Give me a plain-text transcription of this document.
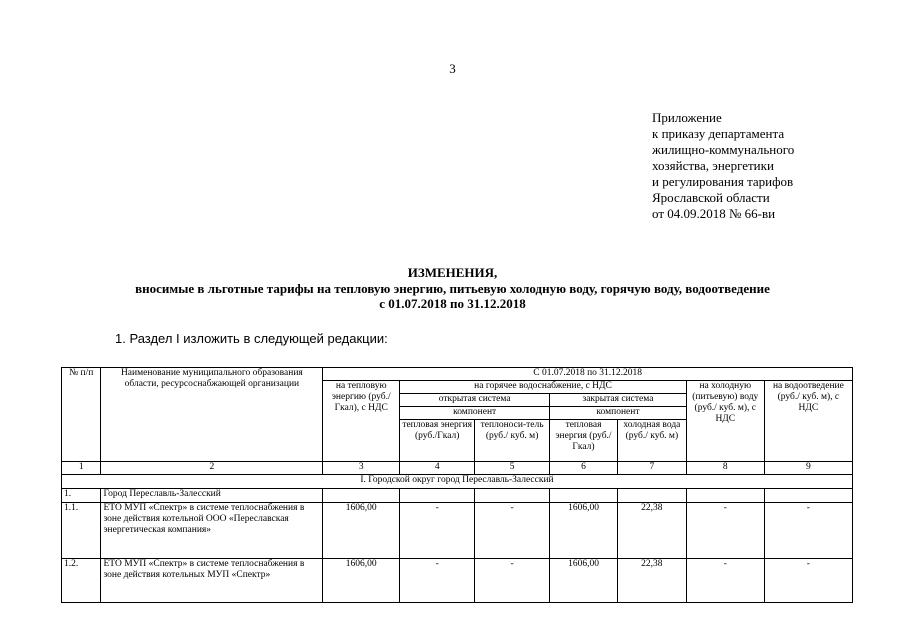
3
Приложение
к приказу департамента
жилищно-коммунального
хозяйства, энергетики
и регулирования тарифов
Ярославской области
от 04.09.2018 № 66-ви
ИЗМЕНЕНИЯ,
вносимые в льготные тарифы на тепловую энергию, питьевую холодную воду, горячую воду, водоотведение
с 01.07.2018 по 31.12.2018
1. Раздел I изложить в следующей редакции:
№ п/п	Наименование муниципального образования области, ресурсоснабжающей организации	С 01.07.2018 по 31.12.2018						
		на тепловую энергию (руб./Гкал), с НДС	на горячее водоснабжение, с НДС				на холодную (питьевую) воду (руб./ куб. м), с НДС	на водоотведение (руб./ куб. м), с НДС
			открытая система		закрытая система			
			компонент		компонент			
			тепловая энергия (руб./Гкал)	теплоноси-тель (руб./ куб. м)	тепловая энергия (руб./Гкал)	холодная вода (руб./ куб. м)		
1	2	3	4	5	6	7	8	9
I. Городской округ город Переславль-Залесский								
1.	Город Переславль-Залесский							
1.1.	ЕТО МУП «Спектр» в системе теплоснабжения в зоне действия котельной ООО «Переславская энергетическая компания»	1606,00	-	-	1606,00	22,38	-	-
1.2.	ЕТО МУП «Спектр» в системе теплоснабжения в зоне действия котельных МУП «Спектр»	1606,00	-	-	1606,00	22,38	-	-
